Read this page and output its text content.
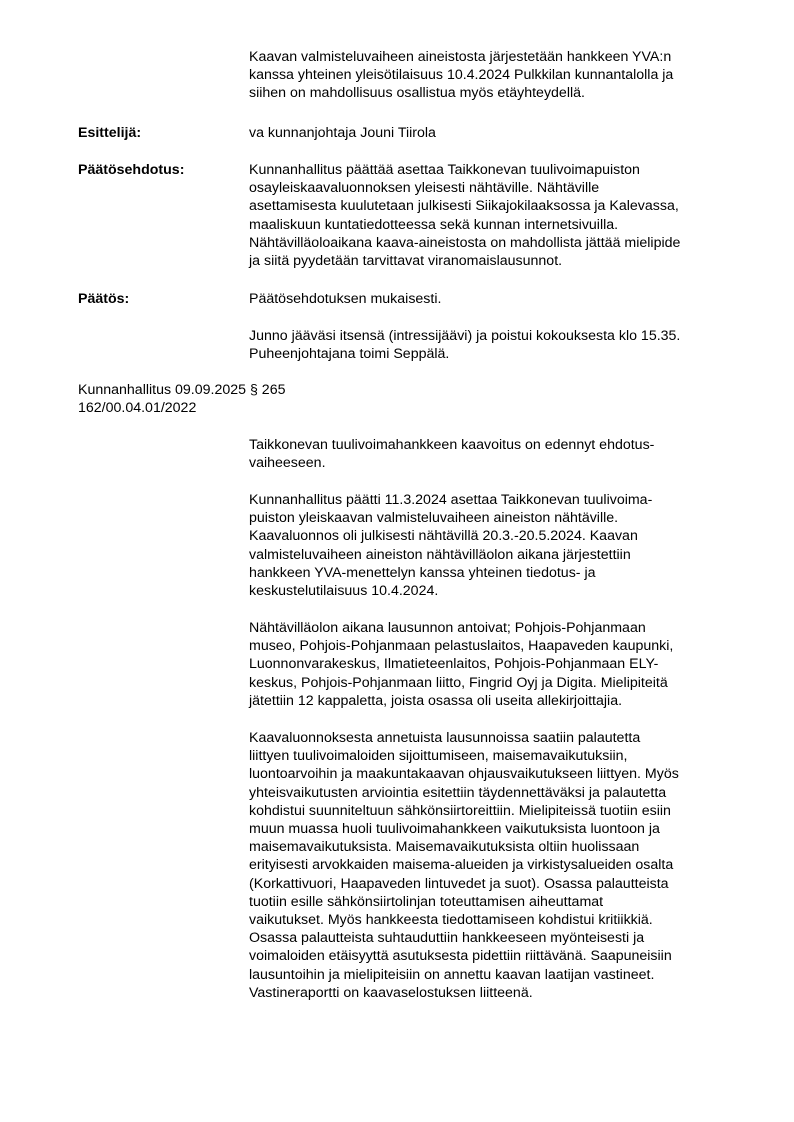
Kaavan valmisteluvaiheen aineistosta järjestetään hankkeen YVA:n
kanssa yhteinen yleisötilaisuus 10.4.2024 Pulkkilan kunnantalolla ja
siihen on mahdollisuus osallistua myös etäyhteydellä.
Esittelijä:	va kunnanjohtaja Jouni Tiirola
Päätösehdotus:	Kunnanhallitus päättää asettaa Taikkonevan tuulivoimapuiston
osayleiskaavaluonnoksen yleisesti nähtäville. Nähtäville
asettamisesta kuulutetaan julkisesti Siikajokilaaksossa ja Kalevassa,
maaliskuun kuntatiedotteessa sekä kunnan internetsivuilla.
Nähtävilläoloaikana kaava-aineistosta on mahdollista jättää mielipide
ja siitä pyydetään tarvittavat viranomaislausunnot.
Päätös:	Päätösehdotuksen mukaisesti.
Junno jääväsi itsensä (intressijäävi) ja poistui kokouksesta klo 15.35.
Puheenjohtajana toimi Seppälä.
Kunnanhallitus 09.09.2025 § 265
162/00.04.01/2022
Taikkonevan tuulivoimahankkeen kaavoitus on edennyt ehdotus-
vaiheeseen.
Kunnanhallitus päätti 11.3.2024 asettaa Taikkonevan tuulivoima-
puiston yleiskaavan valmisteluvaiheen aineiston nähtäville.
Kaavaluonnos oli julkisesti nähtävillä 20.3.-20.5.2024. Kaavan
valmisteluvaiheen aineiston nähtävilläolon aikana järjestettiin
hankkeen YVA-menettelyn kanssa yhteinen tiedotus- ja
keskustelutilaisuus 10.4.2024.
Nähtävilläolon aikana lausunnon antoivat; Pohjois-Pohjanmaan
museo, Pohjois-Pohjanmaan pelastuslaitos, Haapaveden kaupunki,
Luonnonvarakeskus, Ilmatieteenlaitos, Pohjois-Pohjanmaan ELY-
keskus, Pohjois-Pohjanmaan liitto, Fingrid Oyj ja Digita. Mielipiteitä
jätettiin 12 kappaletta, joista osassa oli useita allekirjoittajia.
Kaavaluonnoksesta annetuista lausunnoissa saatiin palautetta
liittyen tuulivoimaloiden sijoittumiseen, maisemavaikutuksiin,
luontoarvoihin ja maakuntakaavan ohjausvaikutukseen liittyen. Myös
yhteisvaikutusten arviointia esitettiin täydennettäväksi ja palautetta
kohdistui suunniteltuun sähkönsiirtoreittiin. Mielipiteissä tuotiin esiin
muun muassa huoli tuulivoimahankkeen vaikutuksista luontoon ja
maisemavaikutuksista. Maisemavaikutuksista oltiin huolissaan
erityisesti arvokkaiden maisema-alueiden ja virkistysalueiden osalta
(Korkattivuori, Haapaveden lintuvedet ja suot). Osassa palautteista
tuotiin esille sähkönsiirtolinjan toteuttamisen aiheuttamat
vaikutukset. Myös hankkeesta tiedottamiseen kohdistui kritiikkiä.
Osassa palautteista suhtauduttiin hankkeeseen myönteisesti ja
voimaloiden etäisyyttä asutuksesta pidettiin riittävänä. Saapuneisiin
lausuntoihin ja mielipiteisiin on annettu kaavan laatijan vastineet.
Vastineraportti on kaavaselostuksen liitteenä.
